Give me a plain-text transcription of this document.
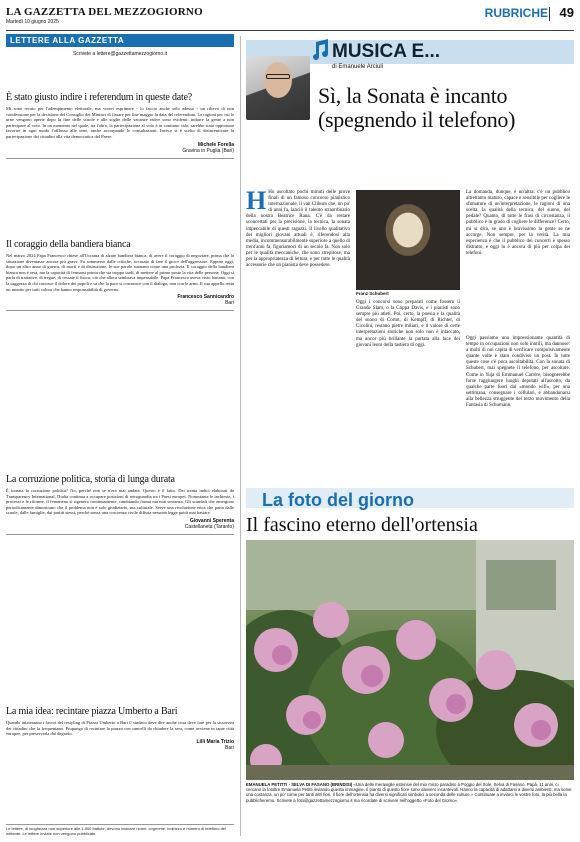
LA GAZZETTA DEL MEZZOGIORNO
Martedì 10 giugno 2025
RUBRICHE 49
LETTERE ALLA GAZZETTA
Scrivete a lettere@gazzettamezzogiorno.it
È stato giusto indire i referendum in queste date?

Mi sono recato per l'adempimento elettorale, ma vorrei esprimere - lo faccio anche solo adesso - un rilievo di non condivisione per la decisione del Consiglio dei Ministri di fissare per fine maggio la data del referendum. Le ragioni per cui le urne vengono aperte dopo la fine delle scuole e alle soglie delle vacanze estive sono evidenti: indurre la gente a non partecipare al voto. In un momento nel quale, tra l'altro, la partecipazione al voto è in continuo calo, sarebbe stato opportuno favorire in ogni modo l'afflusso alle urne, anche accorpando le consultazioni. Invece si è scelto di disincentivare la partecipazione dei cittadini alla vita democratica del Paese.

Michele Forella
Gravina in Puglia (Bari)
Il coraggio della bandiera bianca

Nel marzo 2024 Papa Francesco chiese all'Ucraina di alzare bandiera bianca, di avere il coraggio di negoziare, prima che la situazione diventasse ancora più grave. Fu sommerso dalle critiche, accusato di fare il gioco dell'aggressore. Eppure oggi, dopo un altro anno di guerra, di morti e di distruzione, le sue parole suonano come una profezia. Il coraggio della bandiera bianca non è resa, ma la capacità di fermarsi prima che sia troppo tardi, di mettere al primo posto la vita delle persone. Oggi si parla di trattative, di tregue, di cessate il fuoco: ciò che allora sembrava impensabile. Papa Francesco aveva visto lontano, con la saggezza di chi conosce il dolore dei popoli e sa che la pace si costruisce con il dialogo, non con le armi. Il suo appello resta un monito per tutti coloro che hanno responsabilità di governo.

Francesco Sannicandro
Bari
La corruzione politica, storia di lunga durata

È tornata la corruzione politica? No, perché non se n'era mai andata. Questo è il fatto. Dei trenta indici elaborati da Transparency International, l'Italia continua a occupare posizioni di retroguardia tra i Paesi europei. Nonostante le inchieste, i processi e le riforme, il fenomeno si rigenera continuamente, cambiando forma ma non sostanza. Gli scandali che emergono periodicamente dimostrano che il problema non è solo giudiziario, ma culturale. Serve una rivoluzione etica che parta dalle scuole, dalle famiglie, dai partiti stessi, perché senza una coscienza civile diffusa nessuna legge potrà mai bastare.

Giovanni Sperenta
Castellaneta (Taranto)
La mia idea: recintare piazza Umberto a Bari

Quando inizieranno i lavori del restyling di Piazza Umberto a Bari il sindaco deve dire anche cosa deve fare per la sicurezza dei cittadini che la frequentano. Propongo di recintare la piazza con cancelli da chiudere la sera, come avviene in tante città europee, per preservarla dal degrado.

Lilli Maria Trizio
Bari
Le lettere, di lunghezza non superiore alle 1.500 battute, devono indicare nome, cognome, indirizzo e numero di telefono del mittente. Le lettere inviate non vengono pubblicate.
MUSICA E...
di Emanuele Arciuli
Sì, la Sonata è incanto (spegnendo il telefono)
H Ho ascoltato pochi minuti delle prove finali di un famoso concorso pianistico internazionale, il van Cliburn che, un po' di anni fa, lanciò il talento straordinario della nostra Beatrice Rana. C'è da restare sconcertati per la precisione, la tecnica, la sonata impeccabile di questi ragazzi. Il livello qualitativo dei migliori giovani attuali è, riferendosi alla media, incommensurabilmente superiore a quello di trent'anni fa, figuriamoci di un secolo fa. Non solo per le qualità meccaniche, che sono strepitose, ma per la appropriatezza di lettura, e per tutte le qualità accessorie che un pianista deve possedere.
Franz Schubert
Oggi i concorsi sono preparati come fossero il Grande Slam, o la Coppa Davis, e i pianisti sono sempre più atleti. Poi, certo, la poesia e la qualità del suono di Cortot, di Kempff, di Richter, di Cicolini, restano pietre miliari, e il valore di certe interpretazioni storiche non solo non è intaccato, ma ancor più brillante la portata alla luce dei giovani leoni della tastiera di oggi.
La domanda, dunque, è un'altra: c'è un pubblico altrettanto maturo, capace e sensibile per cogliere le sfumature di un'interpretazione, le ragioni di una scelta, la qualità della tecnica, del suono, del pedale? Quanto, di tutte le frasi di circostanza, il pubblico è in grado di cogliere le differenze? Certo, mi si dirà, se uno è bravissimo la gente se ne accorge. Non sempre, per la verità. La mia esperienza è che il pubblico dei concerti è spesso distratto, e oggi lo è ancora di più per colpa dei telefoni.
Oggi passiamo una impressionante quantità di tempo in occupazioni non solo inutili, ma dannose: a molti di noi capita di verificare compulsivamente quante volte è stato condiviso un post. In tutte queste cose c'è poca ascoltabilità. Con la sonata di Schubert, mai spegnete il telefono, per ascoltare. Come in Yuja di Emmanuel Carrère, bisognerebbe forse raggiungere luoghi deputati all'ascolto, da qualche parte fuori dal «mondo wifi», per una settimana, consegnare i cellulari, e abbandonarsi alla bellezza struggente del terzo movimento della Fantasia di Schumann.
La foto del giorno
Il fascino eterno dell'ortensia
EMANUELA PETITTI - SELVA DI FASANO (BRINDISI) «Una delle meraviglie estensie del mio micro paradiso a Poggio del Sole, Selva di Fasano. Papà, 11 anni, ci cercano la fotoltre Emanuela Petitti inviando questa immagine. Il pianto di questo fiore sono davvero incantevoli. Hanno la capacità di adattarsi a diversi ambienti, ma serve una costanza, un po' come per tanti altri fiori. Il fiore dell'ortensia ha diversi significati simbolici a seconda delle culture.» Continuate a inviarci le vostre foto, la più bella la pubblicheremo. Scrivete a foto@gazzettamezzogiorno.it ma ricordate di scrivere nell'oggetto «Foto del Giorno».
